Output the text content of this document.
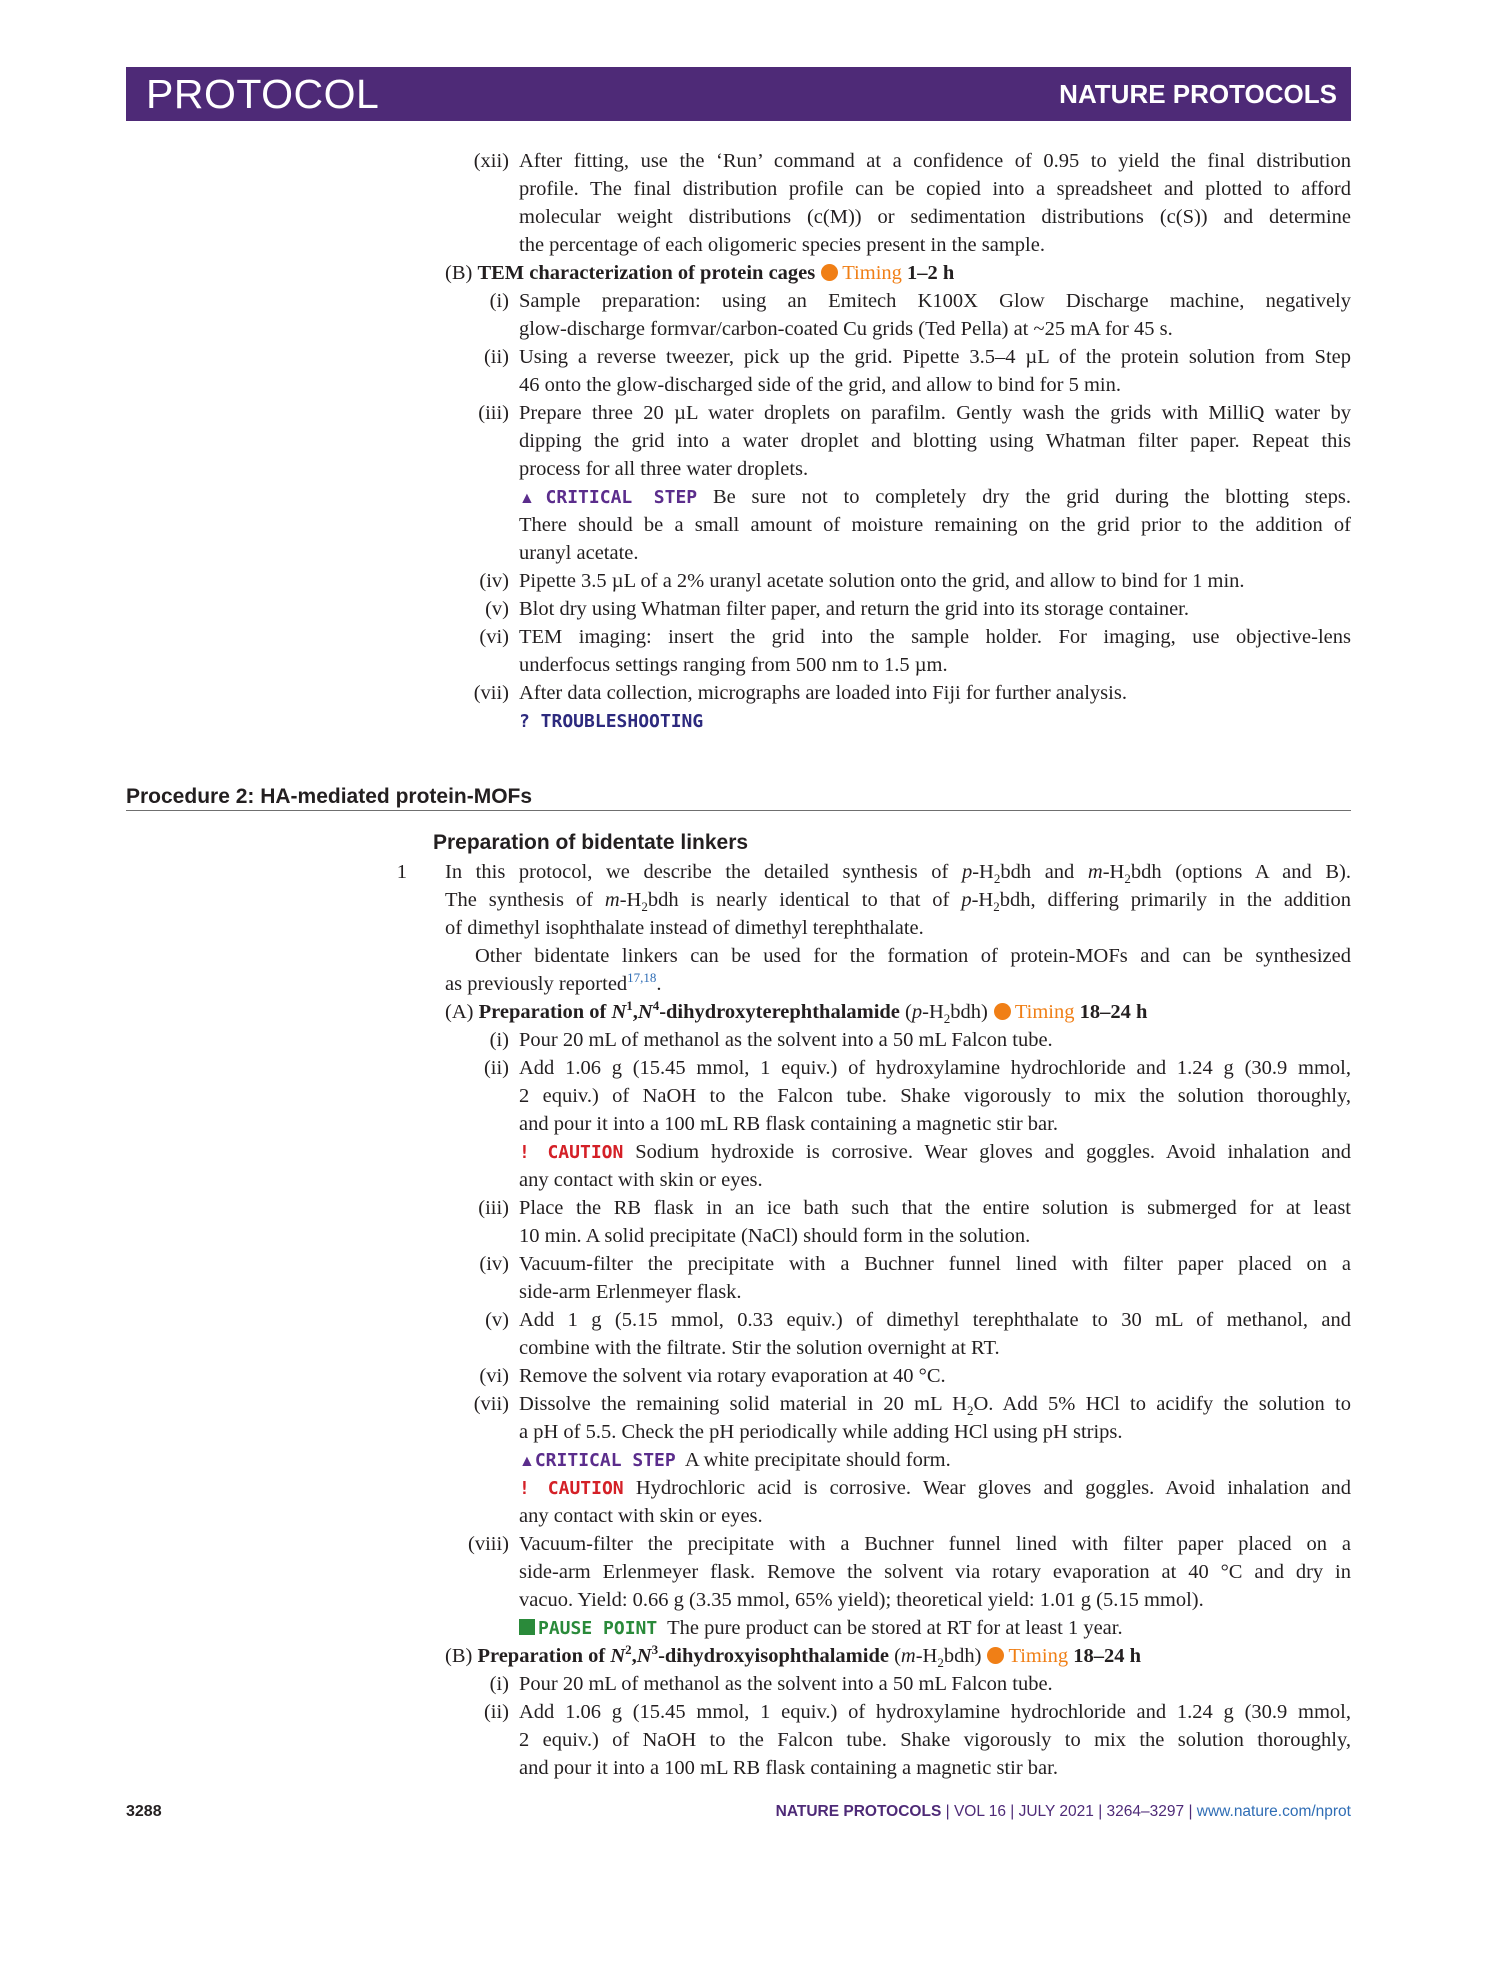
PROTOCOL	NATURE PROTOCOLS
(xii) After fitting, use the ‘Run’ command at a confidence of 0.95 to yield the final distribution
profile. The final distribution profile can be copied into a spreadsheet and plotted to afford
molecular weight distributions (c(M)) or sedimentation distributions (c(S)) and determine
the percentage of each oligomeric species present in the sample.
(B) TEM characterization of protein cages Timing 1–2 h
(i) Sample preparation: using an Emitech K100X Glow Discharge machine, negatively
glow-discharge formvar/carbon-coated Cu grids (Ted Pella) at ~25 mA for 45 s.
(ii) Using a reverse tweezer, pick up the grid. Pipette 3.5–4 µL of the protein solution from Step
46 onto the glow-discharged side of the grid, and allow to bind for 5 min.
(iii) Prepare three 20 µL water droplets on parafilm. Gently wash the grids with MilliQ water by
dipping the grid into a water droplet and blotting using Whatman filter paper. Repeat this
process for all three water droplets.
▲CRITICAL STEP Be sure not to completely dry the grid during the blotting steps.
There should be a small amount of moisture remaining on the grid prior to the addition of
uranyl acetate.
(iv) Pipette 3.5 µL of a 2% uranyl acetate solution onto the grid, and allow to bind for 1 min.
(v) Blot dry using Whatman filter paper, and return the grid into its storage container.
(vi) TEM imaging: insert the grid into the sample holder. For imaging, use objective-lens
underfocus settings ranging from 500 nm to 1.5 µm.
(vii) After data collection, micrographs are loaded into Fiji for further analysis.
? TROUBLESHOOTING
Procedure 2: HA-mediated protein-MOFs
Preparation of bidentate linkers
1 In this protocol, we describe the detailed synthesis of $p-H_2bdh$ and $m-H_2bdh$ (options A and B).
The synthesis of $m-H_2bdh$ is nearly identical to that of $p-H_2bdh$, differing primarily in the addition
of dimethyl isophthalate instead of dimethyl terephthalate.
Other bidentate linkers can be used for the formation of protein-MOFs and can be synthesized
as previously reported$^{17,18}$.
(A) Preparation of $N^1,N^4$-dihydroxyterephthalamide $(p-H_2bdh)$ Timing 18–24 h
(i) Pour 20 mL of methanol as the solvent into a 50 mL Falcon tube.
(ii) Add 1.06 g (15.45 mmol, 1 equiv.) of hydroxylamine hydrochloride and 1.24 g (30.9 mmol,
2 equiv.) of NaOH to the Falcon tube. Shake vigorously to mix the solution thoroughly,
and pour it into a 100 mL RB flask containing a magnetic stir bar.
! CAUTION Sodium hydroxide is corrosive. Wear gloves and goggles. Avoid inhalation and
any contact with skin or eyes.
(iii) Place the RB flask in an ice bath such that the entire solution is submerged for at least
10 min. A solid precipitate (NaCl) should form in the solution.
(iv) Vacuum-filter the precipitate with a Buchner funnel lined with filter paper placed on a
side-arm Erlenmeyer flask.
(v) Add 1 g (5.15 mmol, 0.33 equiv.) of dimethyl terephthalate to 30 mL of methanol, and
combine with the filtrate. Stir the solution overnight at RT.
(vi) Remove the solvent via rotary evaporation at 40 °C.
(vii) Dissolve the remaining solid material in 20 mL $H_2O$. Add 5% HCl to acidify the solution to
a pH of 5.5. Check the pH periodically while adding HCl using pH strips.
▲CRITICAL STEP A white precipitate should form.
! CAUTION Hydrochloric acid is corrosive. Wear gloves and goggles. Avoid inhalation and
any contact with skin or eyes.
(viii) Vacuum-filter the precipitate with a Buchner funnel lined with filter paper placed on a
side-arm Erlenmeyer flask. Remove the solvent via rotary evaporation at 40 °C and dry in
vacuo. Yield: 0.66 g (3.35 mmol, 65% yield); theoretical yield: 1.01 g (5.15 mmol).
PAUSE POINT The pure product can be stored at RT for at least 1 year.
(B) Preparation of $N^2,N^3$-dihydroxyisophthalamide $(m-H_2bdh)$ Timing 18–24 h
(i) Pour 20 mL of methanol as the solvent into a 50 mL Falcon tube.
(ii) Add 1.06 g (15.45 mmol, 1 equiv.) of hydroxylamine hydrochloride and 1.24 g (30.9 mmol,
2 equiv.) of NaOH to the Falcon tube. Shake vigorously to mix the solution thoroughly,
and pour it into a 100 mL RB flask containing a magnetic stir bar.
3288	NATURE PROTOCOLS | VOL 16 | JULY 2021 | 3264–3297 | www.nature.com/nprot
